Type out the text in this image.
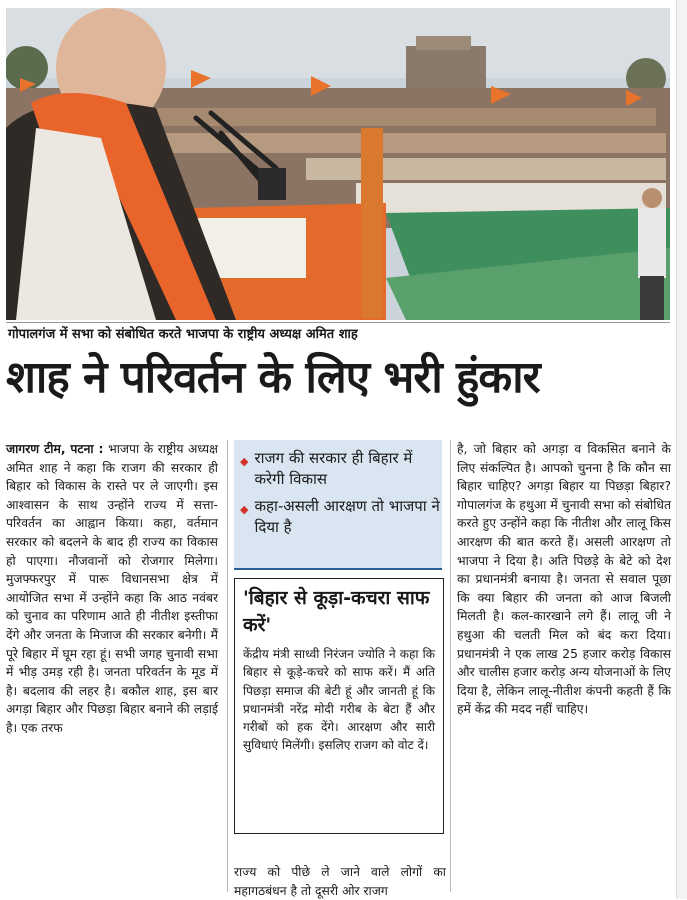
गोपालगंज में सभा को संबोधित करते भाजपा के राष्ट्रीय अध्यक्ष अमित शाह
शाह ने परिवर्तन के लिए भरी हुंकार

जागरण टीम, पटना : भाजपा के राष्ट्रीय अध्यक्ष अमित शाह ने कहा कि राजग की सरकार ही बिहार को विकास के रास्ते पर ले जाएगी। इस आश्वासन के साथ उन्होंने राज्य में सत्ता-परिवर्तन का आह्वान किया। कहा, वर्तमान सरकार को बदलने के बाद ही राज्य का विकास हो पाएगा। नौजवानों को रोजगार मिलेगा। मुजफ्फरपुर में पारू विधानसभा क्षेत्र में आयोजित सभा में उन्होंने कहा कि आठ नवंबर को चुनाव का परिणाम आते ही नीतीश इस्तीफा देंगे और जनता के मिजाज की सरकार बनेगी। मैं पूरे बिहार में घूम रहा हूं। सभी जगह चुनावी सभा में भीड़ उमड़ रही है। जनता परिवर्तन के मूड में है। बदलाव की लहर है। बकौल शाह, इस बार अगड़ा बिहार और पिछड़ा बिहार बनाने की लड़ाई है। एक तरफ

◆ राजग की सरकार ही बिहार में करेगी विकास
◆ कहा-असली आरक्षण तो भाजपा ने दिया है
'बिहार से कूड़ा-कचरा साफ करें'
केंद्रीय मंत्री साध्वी निरंजन ज्योति ने कहा कि बिहार से कूड़े-कचरे को साफ करें। मैं अति पिछड़ा समाज की बेटी हूं और जानती हूं कि प्रधानमंत्री नरेंद्र मोदी गरीब के बेटा हैं और गरीबों को हक देंगे। आरक्षण और सारी सुविधाएं मिलेंगी। इसलिए राजग को वोट दें।
राज्य को पीछे ले जाने वाले लोगों का महागठबंधन है तो दूसरी ओर राजग

है, जो बिहार को अगड़ा व विकसित बनाने के लिए संकल्पित है। आपको चुनना है कि कौन सा बिहार चाहिए? अगड़ा बिहार या पिछड़ा बिहार? गोपालगंज के हथुआ में चुनावी सभा को संबोधित करते हुए उन्होंने कहा कि नीतीश और लालू किस आरक्षण की बात करते हैं। असली आरक्षण तो भाजपा ने दिया है। अति पिछड़े के बेटे को देश का प्रधानमंत्री बनाया है। जनता से सवाल पूछा कि क्या बिहार की जनता को आज बिजली मिलती है। कल-कारखाने लगे हैं। लालू जी ने हथुआ की चलती मिल को बंद करा दिया। प्रधानमंत्री ने एक लाख 25 हजार करोड़ विकास और चालीस हजार करोड़ अन्य योजनाओं के लिए दिया है, लेकिन लालू-नीतीश कंपनी कहती हैं कि हमें केंद्र की मदद नहीं चाहिए।
